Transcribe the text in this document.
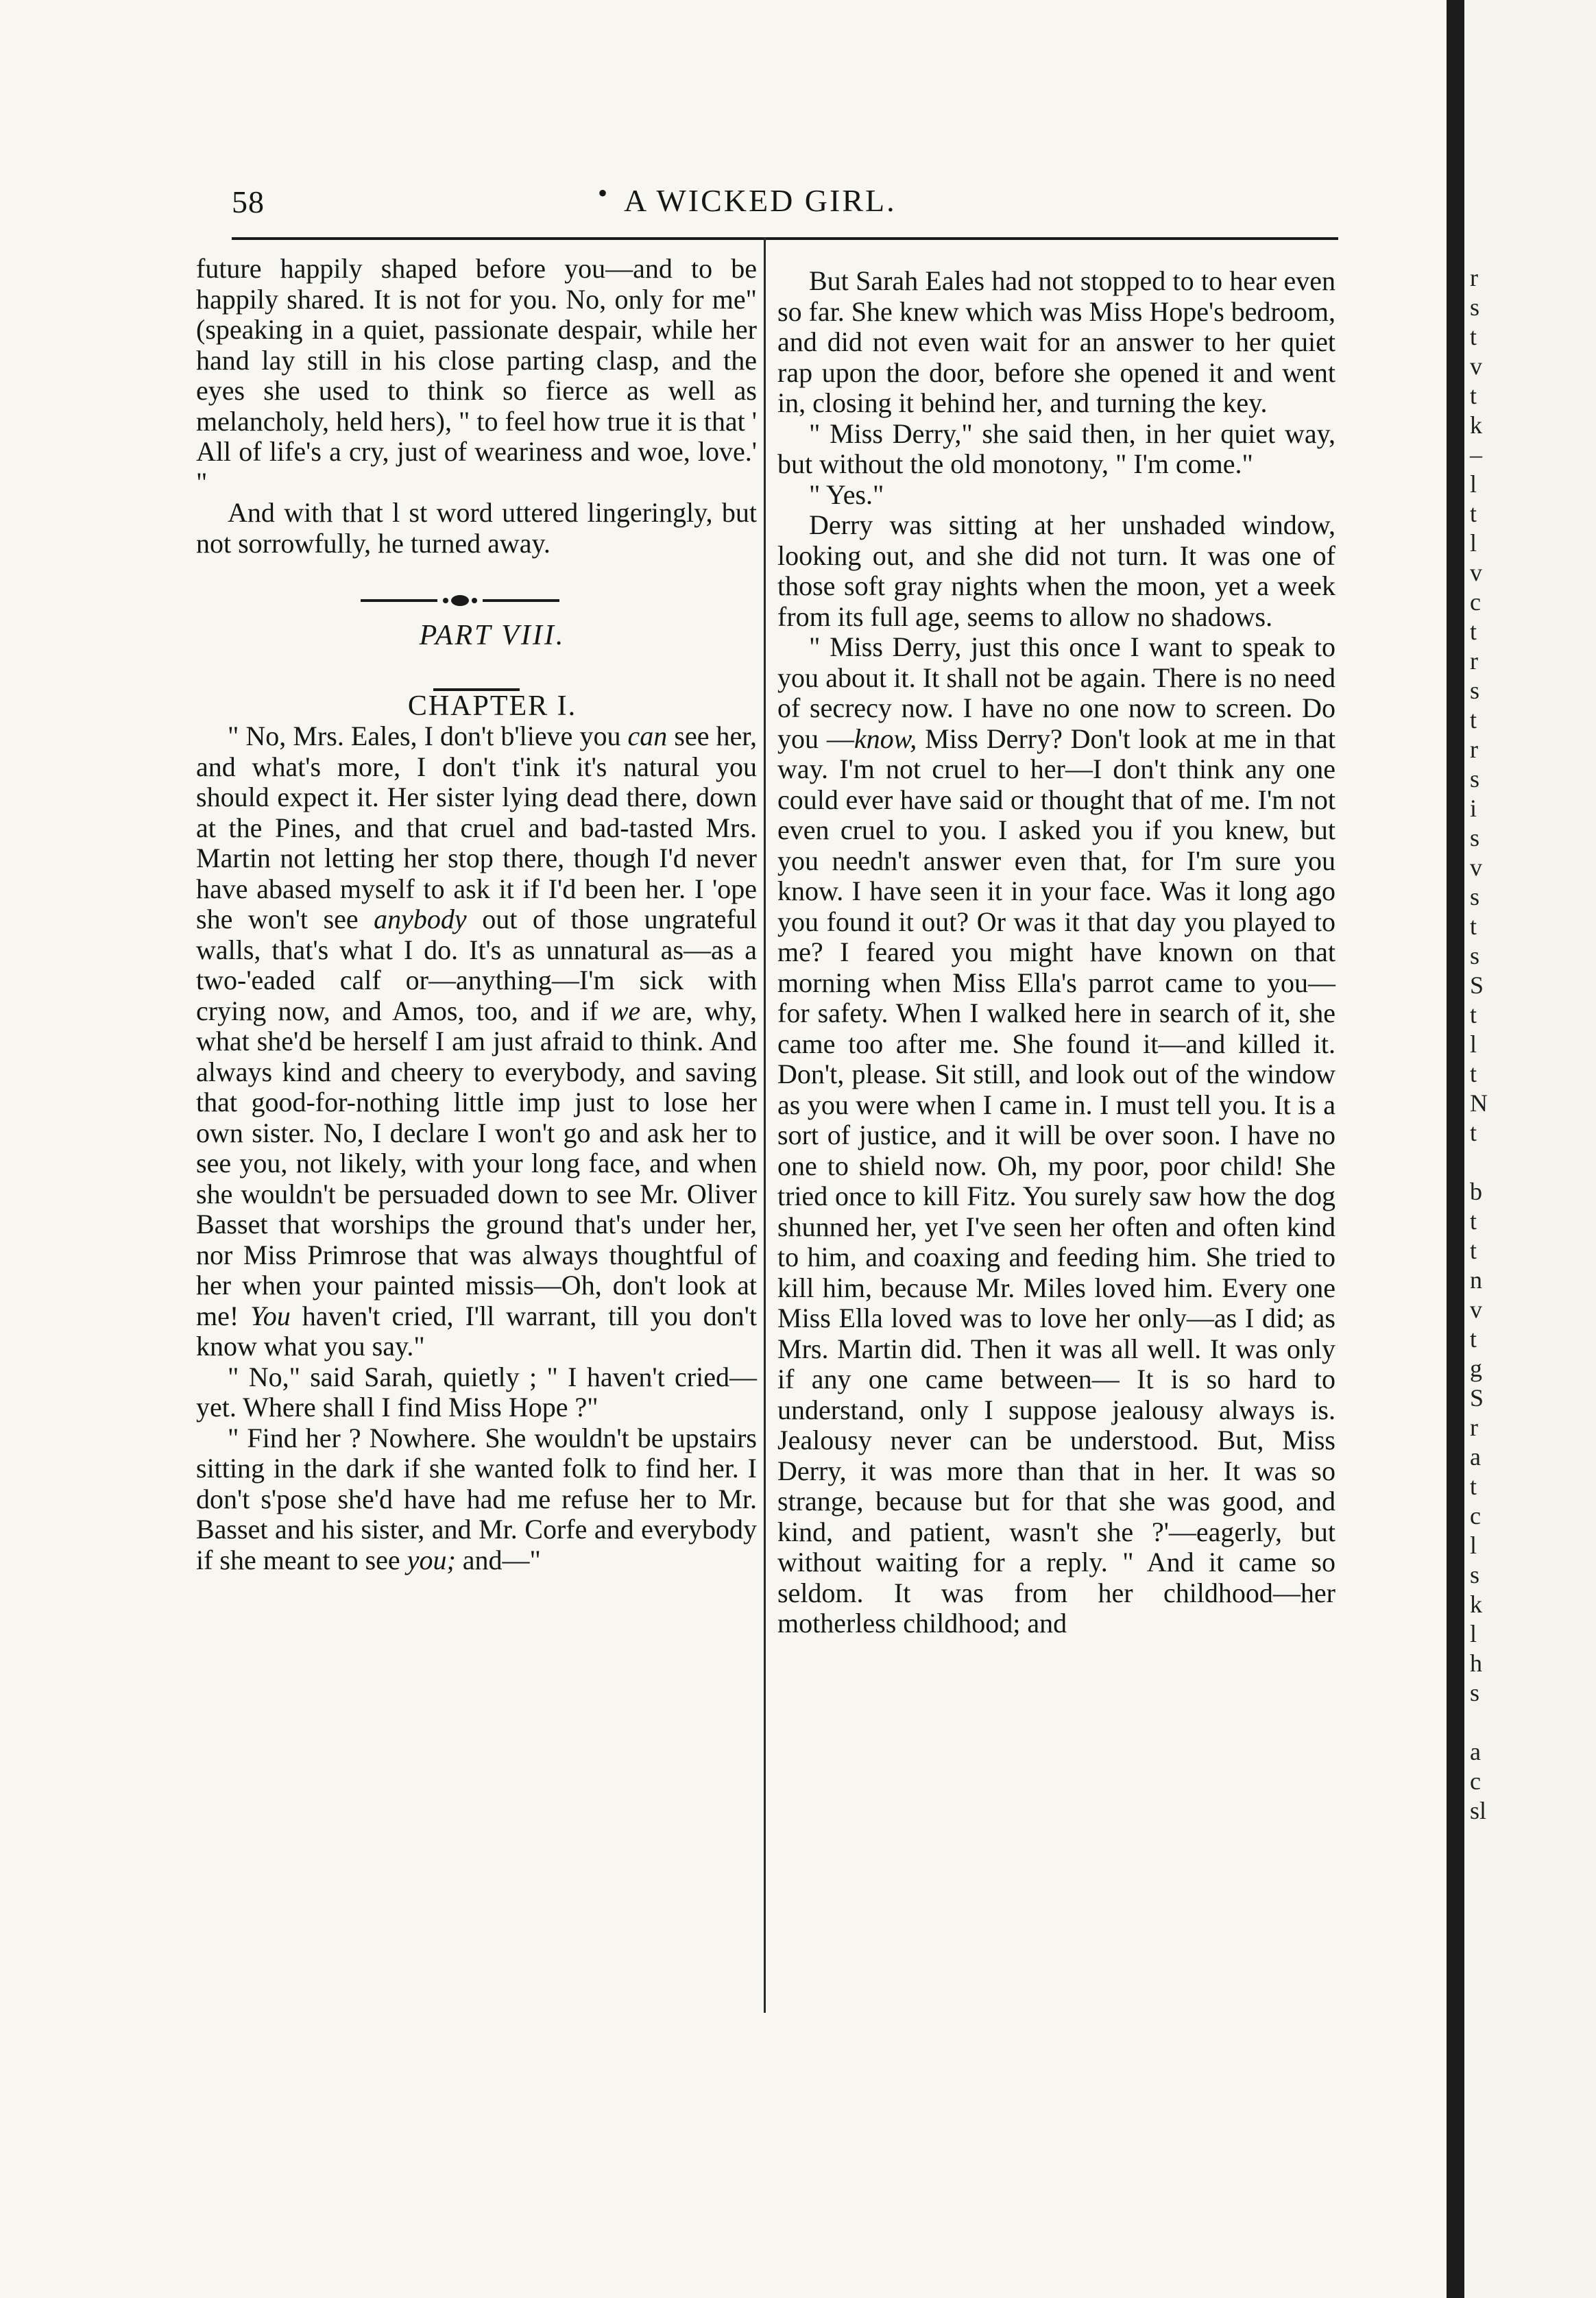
58	• A WICKED GIRL.

future happily shaped before you—and to be happily shared. It is not for you. No, only for me" (speaking in a quiet, passionate despair, while her hand lay still in his close parting clasp, and the eyes she used to think so fierce as well as melancholy, held hers), " to feel how true it is that ' All of life's a cry, just of weariness and woe, love.' "

And with that l st word uttered lingeringly, but not sorrowfully, he turned away.

PART VIII.

CHAPTER I.

" No, Mrs. Eales, I don't b'lieve you can see her, and what's more, I don't t'ink it's natural you should expect it. Her sister lying dead there, down at the Pines, and that cruel and bad-tasted Mrs. Martin not letting her stop there, though I'd never have abased myself to ask it if I'd been her. I 'ope she won't see anybody out of those ungrateful walls, that's what I do. It's as unnatural as—as a two-'eaded calf or—anything—I'm sick with crying now, and Amos, too, and if we are, why, what she'd be herself I am just afraid to think. And always kind and cheery to everybody, and saving that good-for-nothing little imp just to lose her own sister. No, I declare I won't go and ask her to see you, not likely, with your long face, and when she wouldn't be persuaded down to see Mr. Oliver Basset that worships the ground that's under her, nor Miss Primrose that was always thoughtful of her when your painted missis—Oh, don't look at me! You haven't cried, I'll warrant, till you don't know what you say."

" No," said Sarah, quietly ; " I haven't cried—yet. Where shall I find Miss Hope ?"

" Find her ? Nowhere. She wouldn't be upstairs sitting in the dark if she wanted folk to find her. I don't s'pose she'd have had me refuse her to Mr. Basset and his sister, and Mr. Corfe and everybody if she meant to see you; and—"

But Sarah Eales had not stopped to to hear even so far. She knew which was Miss Hope's bedroom, and did not even wait for an answer to her quiet rap upon the door, before she opened it and went in, closing it behind her, and turning the key.

" Miss Derry," she said then, in her quiet way, but without the old monotony, " I'm come."

" Yes."

Derry was sitting at her unshaded window, looking out, and she did not turn. It was one of those soft gray nights when the moon, yet a week from its full age, seems to allow no shadows.

" Miss Derry, just this once I want to speak to you about it. It shall not be again. There is no need of secrecy now. I have no one now to screen. Do you —know, Miss Derry? Don't look at me in that way. I'm not cruel to her—I don't think any one could ever have said or thought that of me. I'm not even cruel to you. I asked you if you knew, but you needn't answer even that, for I'm sure you know. I have seen it in your face. Was it long ago you found it out? Or was it that day you played to me? I feared you might have known on that morning when Miss Ella's parrot came to you—for safety. When I walked here in search of it, she came too after me. She found it—and killed it. Don't, please. Sit still, and look out of the window as you were when I came in. I must tell you. It is a sort of justice, and it will be over soon. I have no one to shield now. Oh, my poor, poor child! She tried once to kill Fitz. You surely saw how the dog shunned her, yet I've seen her often and often kind to him, and coaxing and feeding him. She tried to kill him, because Mr. Miles loved him. Every one Miss Ella loved was to love her only—as I did; as Mrs. Martin did. Then it was all well. It was only if any one came between— It is so hard to understand, only I suppose jealousy always is. Jealousy never can be understood. But, Miss Derry, it was more than that in her. It was so strange, because but for that she was good, and kind, and patient, wasn't she ?'—eagerly, but without waiting for a reply. " And it came so seldom. It was from her childhood—her motherless childhood; and

r
s
t
v
t
k
–
l
t
l
v
c
t
r
s
t
r
s
i
s
v
s
t
s
S
t
l
t
N
t
b
t
t
n
v
t
g
S
r
a
t
c
l
s
k
l
h
s
a
c
sl
